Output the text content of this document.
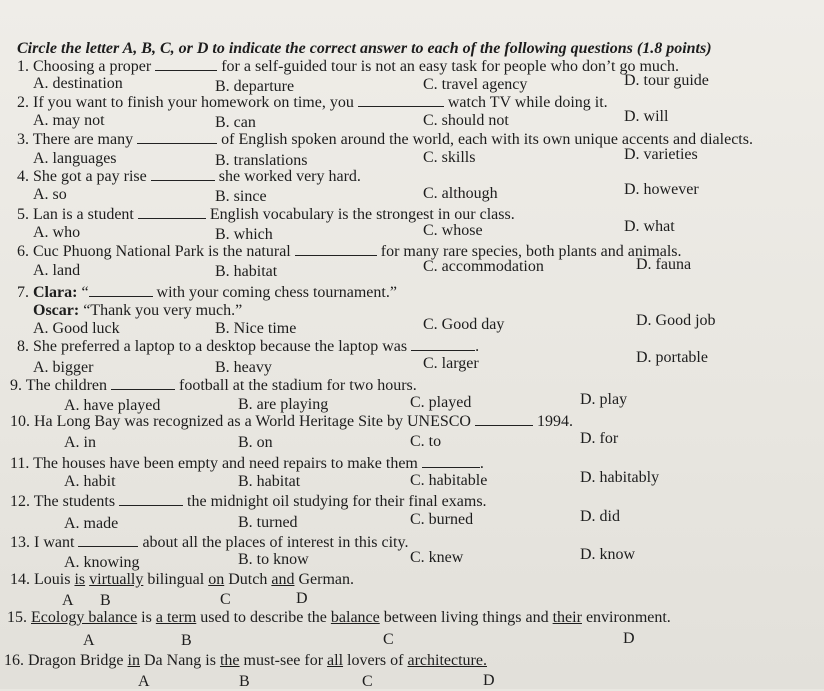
Circle the letter A, B, C, or D to indicate the correct answer to each of the following questions (1.8 points)
1. Choosing a proper	for a self-guided tour is not an easy task for people who don’t go much.
A. destination	B. departure	C. travel agency	D. tour guide
2. If you want to finish your homework on time, you	watch TV while doing it.
A. may not	B. can	C. should not	D. will
3. There are many	of English spoken around the world, each with its own unique accents and dialects.
A. languages	B. translations	C. skills	D. varieties
4. She got a pay rise	she worked very hard.
A. so	B. since	C. although	D. however
5. Lan is a student	English vocabulary is the strongest in our class.
A. who	B. which	C. whose	D. what
6. Cuc Phuong National Park is the natural	for many rare species, both plants and animals.
A. land	B. habitat	C. accommodation	D. fauna
7. Clara: “	with your coming chess tournament.”
Oscar: “Thank you very much.”
A. Good luck	B. Nice time	C. Good day	D. Good job
8. She preferred a laptop to a desktop because the laptop was	.
A. bigger	B. heavy	C. larger	D. portable
9. The children	football at the stadium for two hours.
A. have played	B. are playing	C. played	D. play
10. Ha Long Bay was recognized as a World Heritage Site by UNESCO	1994.
A. in	B. on	C. to	D. for
11. The houses have been empty and need repairs to make them	.
A. habit	B. habitat	C. habitable	D. habitably
12. The students	the midnight oil studying for their final exams.
A. made	B. turned	C. burned	D. did
13. I want	about all the places of interest in this city.
A. knowing	B. to know	C. knew	D. know
14. Louis is virtually bilingual on Dutch and German.
A B	C	D
15. Ecology balance is a term used to describe the balance between living things and their environment.
A	B	C	D
16. Dragon Bridge in Da Nang is the must-see for all lovers of architecture.
A	B	C	D
